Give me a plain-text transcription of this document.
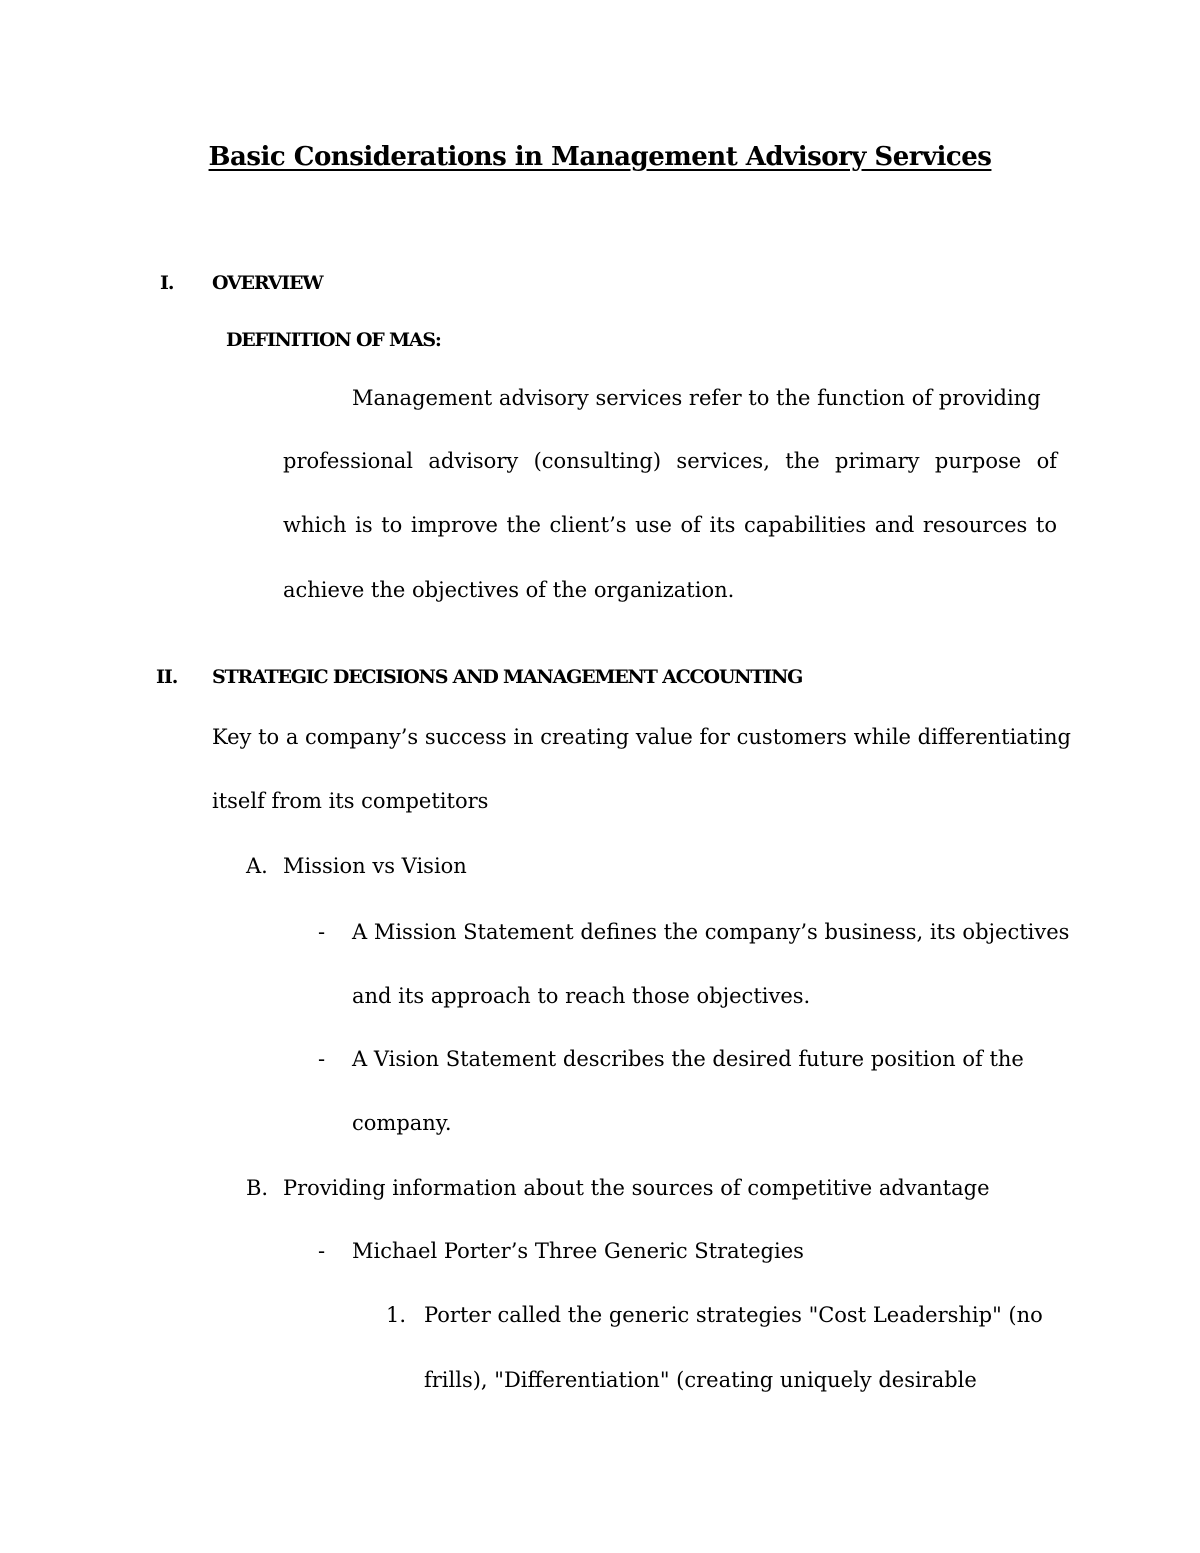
Basic Considerations in Management Advisory Services
I. OVERVIEW
DEFINITION OF MAS:
Management advisory services refer to the function of providing
professional advisory (consulting) services, the primary purpose of
which is to improve the client’s use of its capabilities and resources to
achieve the objectives of the organization.
II. STRATEGIC DECISIONS AND MANAGEMENT ACCOUNTING
Key to a company’s success in creating value for customers while differentiating
itself from its competitors
A. Mission vs Vision
- A Mission Statement defines the company’s business, its objectives
and its approach to reach those objectives.
- A Vision Statement describes the desired future position of the
company.
B. Providing information about the sources of competitive advantage
- Michael Porter’s Three Generic Strategies
1. Porter called the generic strategies "Cost Leadership" (no
frills), "Differentiation" (creating uniquely desirable
